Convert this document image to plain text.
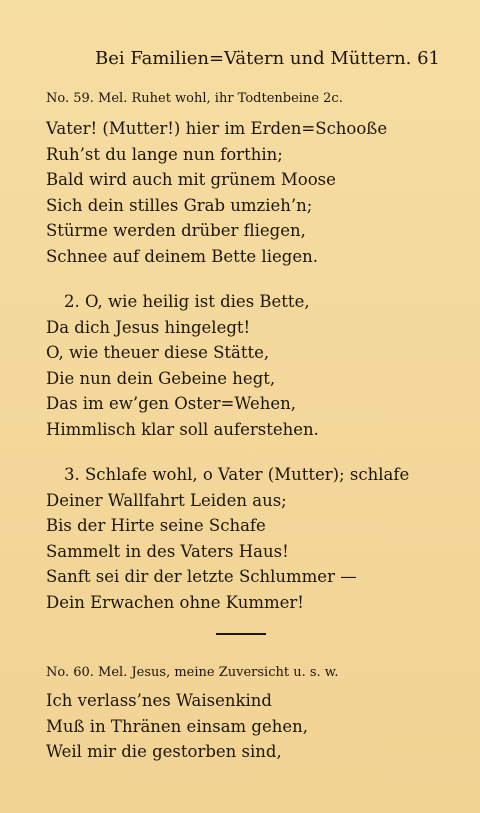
Bei Familien=Vätern und Müttern. 61
No. 59. Mel. Ruhet wohl, ihr Todtenbeine 2c.
Vater! (Mutter!) hier im Erden=Schooße
Ruh’st du lange nun forthin;
Bald wird auch mit grünem Moose
Sich dein stilles Grab umzieh’n;
Stürme werden drüber fliegen,
Schnee auf deinem Bette liegen.
2. O, wie heilig ist dies Bette,
Da dich Jesus hingelegt!
O, wie theuer diese Stätte,
Die nun dein Gebeine hegt,
Das im ew’gen Oster=Wehen,
Himmlisch klar soll auferstehen.
3. Schlafe wohl, o Vater (Mutter); schlafe
Deiner Wallfahrt Leiden aus;
Bis der Hirte seine Schafe
Sammelt in des Vaters Haus!
Sanft sei dir der letzte Schlummer —
Dein Erwachen ohne Kummer!
No. 60. Mel. Jesus, meine Zuversicht u. s. w.
Ich verlass’nes Waisenkind
Muß in Thränen einsam gehen,
Weil mir die gestorben sind,
